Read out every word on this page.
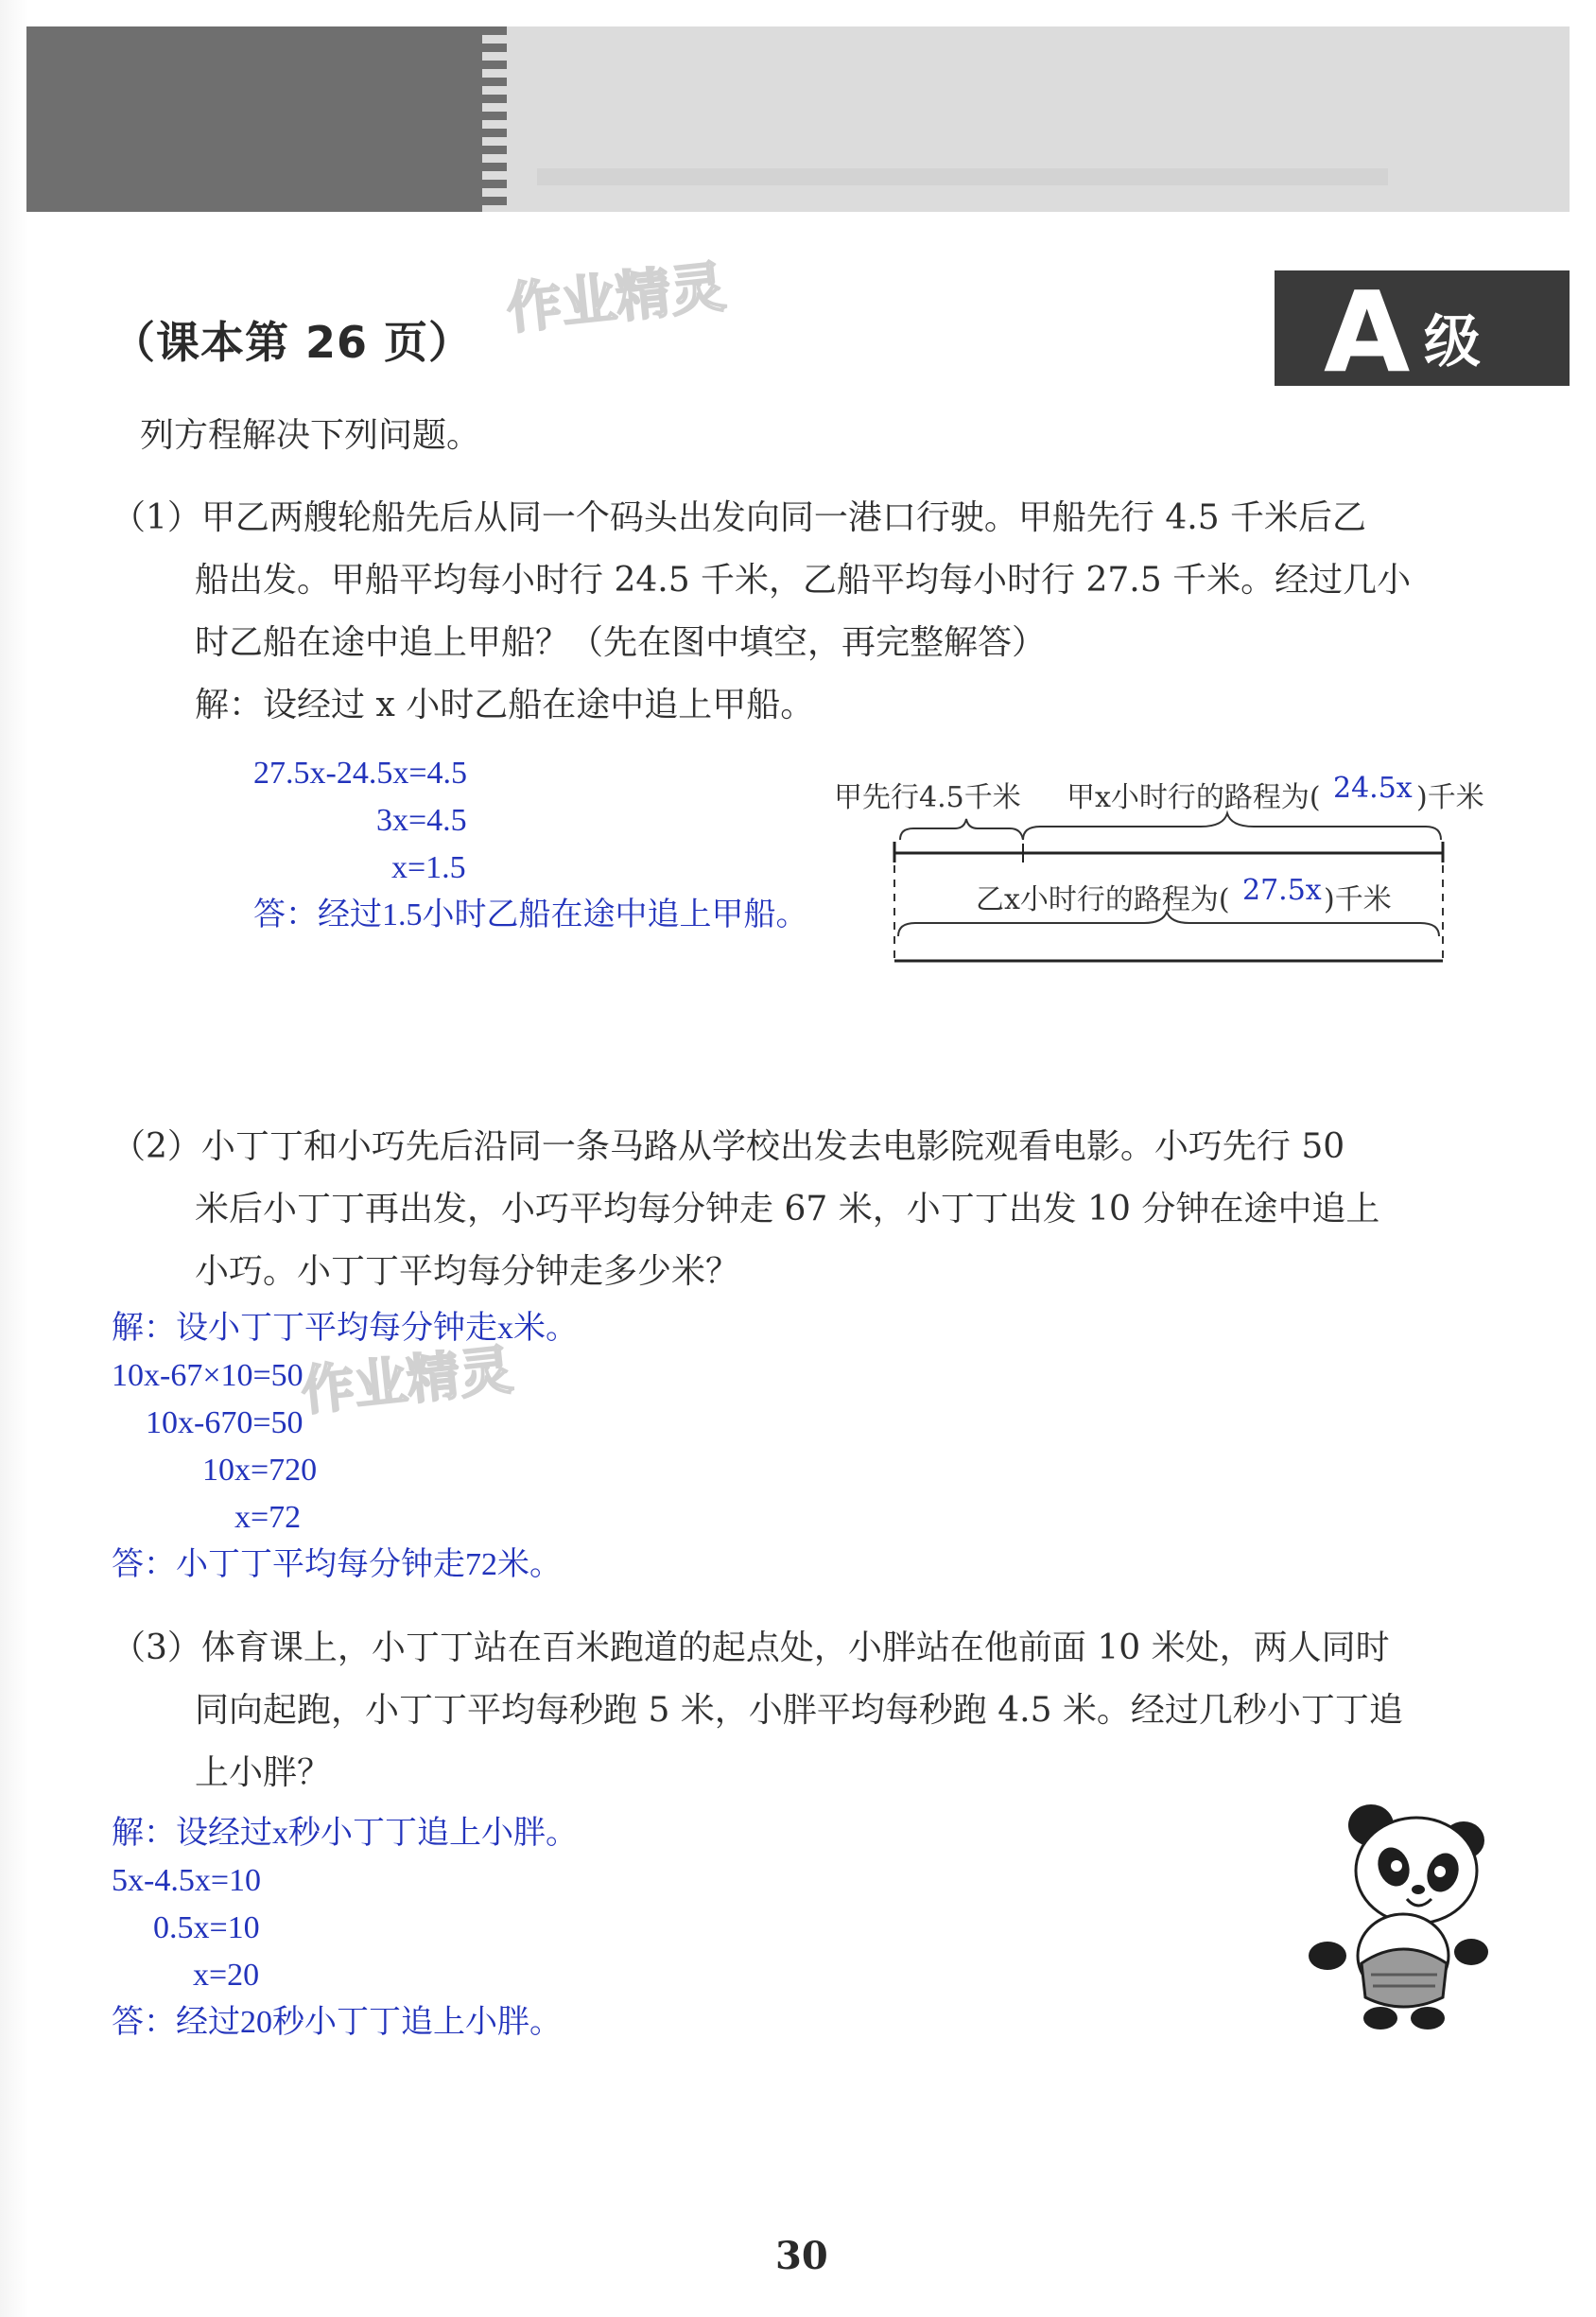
（课本第 26 页）
作业精灵	A 级
列方程解决下列问题。
（1）甲乙两艘轮船先后从同一个码头出发向同一港口行驶。甲船先行 4.5 千米后乙
船出发。甲船平均每小时行 24.5 千米，乙船平均每小时行 27.5 千米。经过几小
时乙船在途中追上甲船？（先在图中填空，再完整解答）
解：设经过 x 小时乙船在途中追上甲船。
27.5x-24.5x=4.5
3x=4.5
x=1.5
答：经过1.5小时乙船在途中追上甲船。
甲先行4.5千米 甲x小时行的路程为( 24.5x )千米
乙x小时行的路程为( 27.5x )千米
（2）小丁丁和小巧先后沿同一条马路从学校出发去电影院观看电影。小巧先行 50
米后小丁丁再出发，小巧平均每分钟走 67 米，小丁丁出发 10 分钟在途中追上
小巧。小丁丁平均每分钟走多少米？
解：设小丁丁平均每分钟走x米。
10x-67×10=50
10x-670=50
10x=720
x=72
答：小丁丁平均每分钟走72米。
作业精灵
（3）体育课上，小丁丁站在百米跑道的起点处，小胖站在他前面 10 米处，两人同时
同向起跑，小丁丁平均每秒跑 5 米，小胖平均每秒跑 4.5 米。经过几秒小丁丁追
上小胖？
解：设经过x秒小丁丁追上小胖。
5x-4.5x=10
0.5x=10
x=20
答：经过20秒小丁丁追上小胖。
30
